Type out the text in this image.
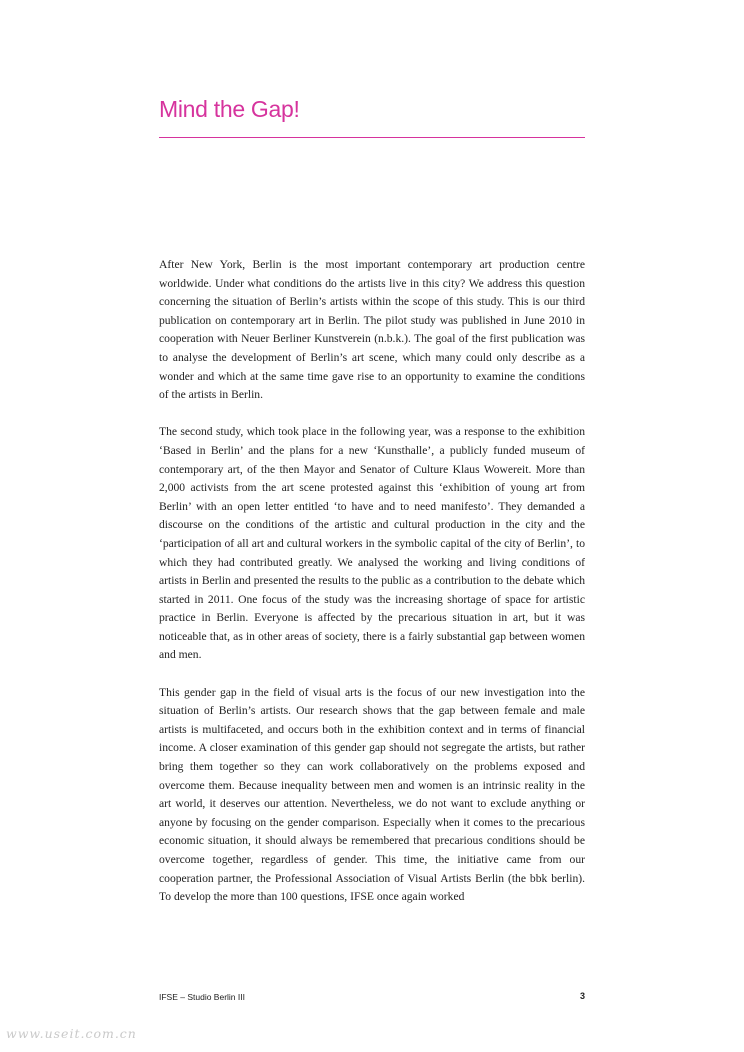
Mind the Gap!

After New York, Berlin is the most important contemporary art production centre worldwide. Under what conditions do the artists live in this city? We address this question concerning the situation of Berlin’s artists within the scope of this study. This is our third publication on contemporary art in Berlin. The pilot study was published in June 2010 in cooperation with Neuer Berliner Kunstverein (n.b.k.). The goal of the first publication was to analyse the development of Berlin’s art scene, which many could only describe as a wonder and which at the same time gave rise to an opportunity to examine the conditions of the artists in Berlin.

The second study, which took place in the following year, was a response to the exhibition ‘Based in Berlin’ and the plans for a new ‘Kunsthalle’, a publicly funded museum of contemporary art, of the then Mayor and Senator of Culture Klaus Wowereit. More than 2,000 activists from the art scene protested against this ‘exhibition of young art from Berlin’ with an open letter entitled ‘to have and to need manifesto’. They demanded a discourse on the conditions of the artistic and cultural production in the city and the ‘participation of all art and cultural workers in the symbolic capital of the city of Berlin’, to which they had contributed greatly. We analysed the working and living conditions of artists in Berlin and presented the results to the public as a contribution to the debate which started in 2011. One focus of the study was the increasing shortage of space for artistic practice in Berlin. Everyone is affected by the precarious situation in art, but it was noticeable that, as in other areas of society, there is a fairly substantial gap between women and men.

This gender gap in the field of visual arts is the focus of our new investigation into the situation of Berlin’s artists. Our research shows that the gap between female and male artists is multifaceted, and occurs both in the exhibition context and in terms of financial income. A closer examination of this gender gap should not segregate the artists, but rather bring them together so they can work collaboratively on the problems exposed and overcome them. Because inequality between men and women is an intrinsic reality in the art world, it deserves our attention. Nevertheless, we do not want to exclude anything or anyone by focusing on the gender comparison. Especially when it comes to the precarious economic situation, it should always be remembered that precarious conditions should be overcome together, regardless of gender. This time, the initiative came from our cooperation partner, the Professional Association of Visual Artists Berlin (the bbk berlin). To develop the more than 100 questions, IFSE once again worked

IFSE – Studio Berlin III	3
www.useit.com.cn
